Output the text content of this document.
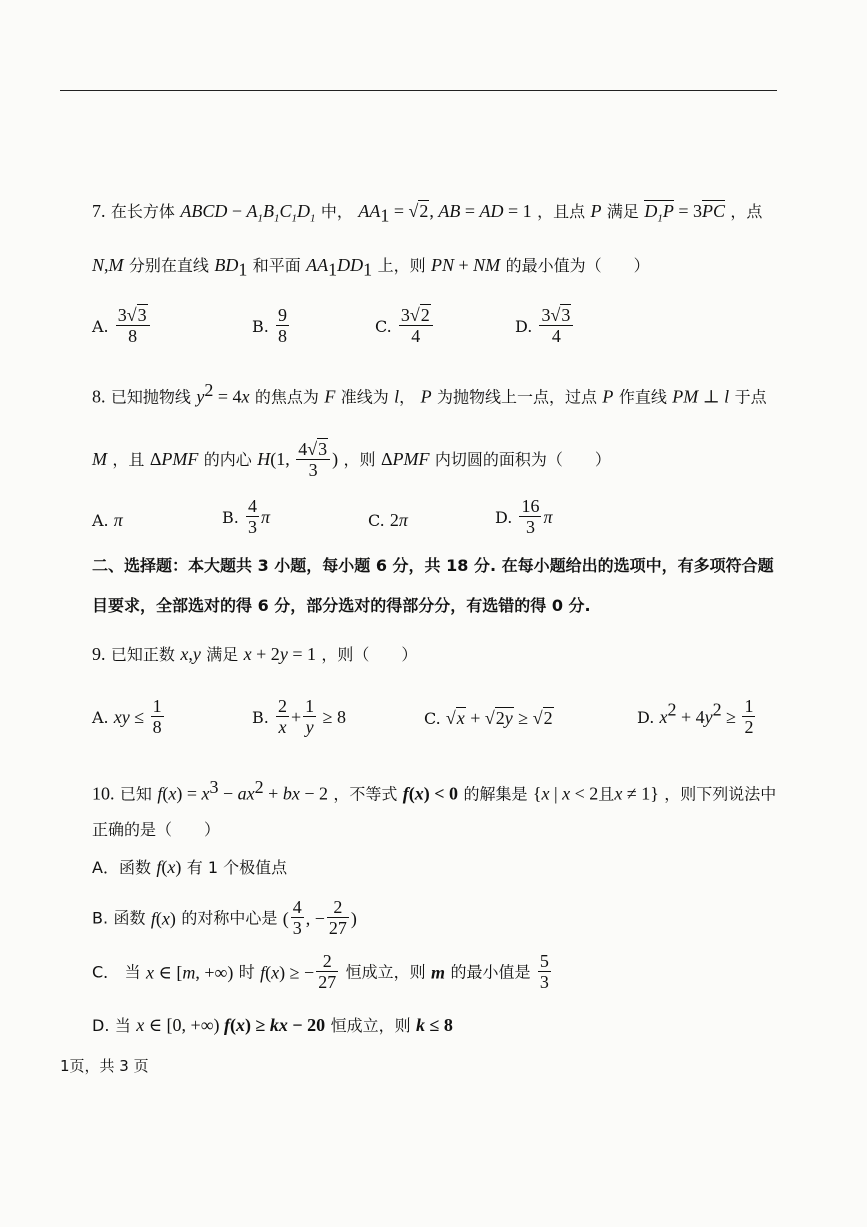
7. 在长方体 ABCD − $A_1B_1C_1D_1$ 中， $AA_1 = √2$, AB = AD = 1 ，且点 P 满足 $D_1P = 3PC$ ，点
N,M 分别在直线 $BD_1$ 和平面 $AA_1DD_1$ 上，则 PN + NM 的最小值为（　　）
A. $\frac{3√3}{8}$	B. $\frac{9}{8}$	C. $\frac{3√2}{4}$	D. $\frac{3√3}{4}$
8. 已知抛物线 $y^2 = 4x$ 的焦点为 F 准线为 l， P 为抛物线上一点，过点 P 作直线 PM ⊥ l 于点
M ，且 ΔPMF 的内心 H(1, $\frac{4√3}{3}$ ) ，则 ΔPMF 内切圆的面积为（　　）
A. π	B. $\frac{4}{3}$ π	C. 2π	D. $\frac{16}{3}$ π
二、选择题：本大题共 3 小题，每小题 6 分，共 18 分. 在每小题给出的选项中，有多项符合题
目要求，全部选对的得 6 分，部分选对的得部分分，有选错的得 0 分.
9. 已知正数 x,y 满足 x + 2y = 1 ，则（　　）
A. xy ≤ $\frac{1}{8}$	B. $\frac{2}{x} + \frac{1}{y} \ge 8$	C. √x + √2y ≥ √2	D. $x^2 + 4y^2 \ge \frac{1}{2}$
10. 已知 $f(x) = x^3 - ax^2$ + bx − 2 ，不等式 f(x) < 0 的解集是 {x | x < 2且x ≠ 1} ，则下列说法中
正确的是（　　）
A．函数 f(x) 有 1 个极值点
B. 函数 f(x) 的对称中心是 ( $\frac{4}{3}$ , − $\frac{2}{27}$ )
C． 当 x ∈ [m, +∞) 时 f(x) ≥ − $\frac{2}{27}$ 恒成立，则 m 的最小值是 $\frac{5}{3}$
D. 当 x ∈ [0, +∞) f(x) ≥ kx − 20 恒成立，则 k ≤ 8
1页，共 3 页
